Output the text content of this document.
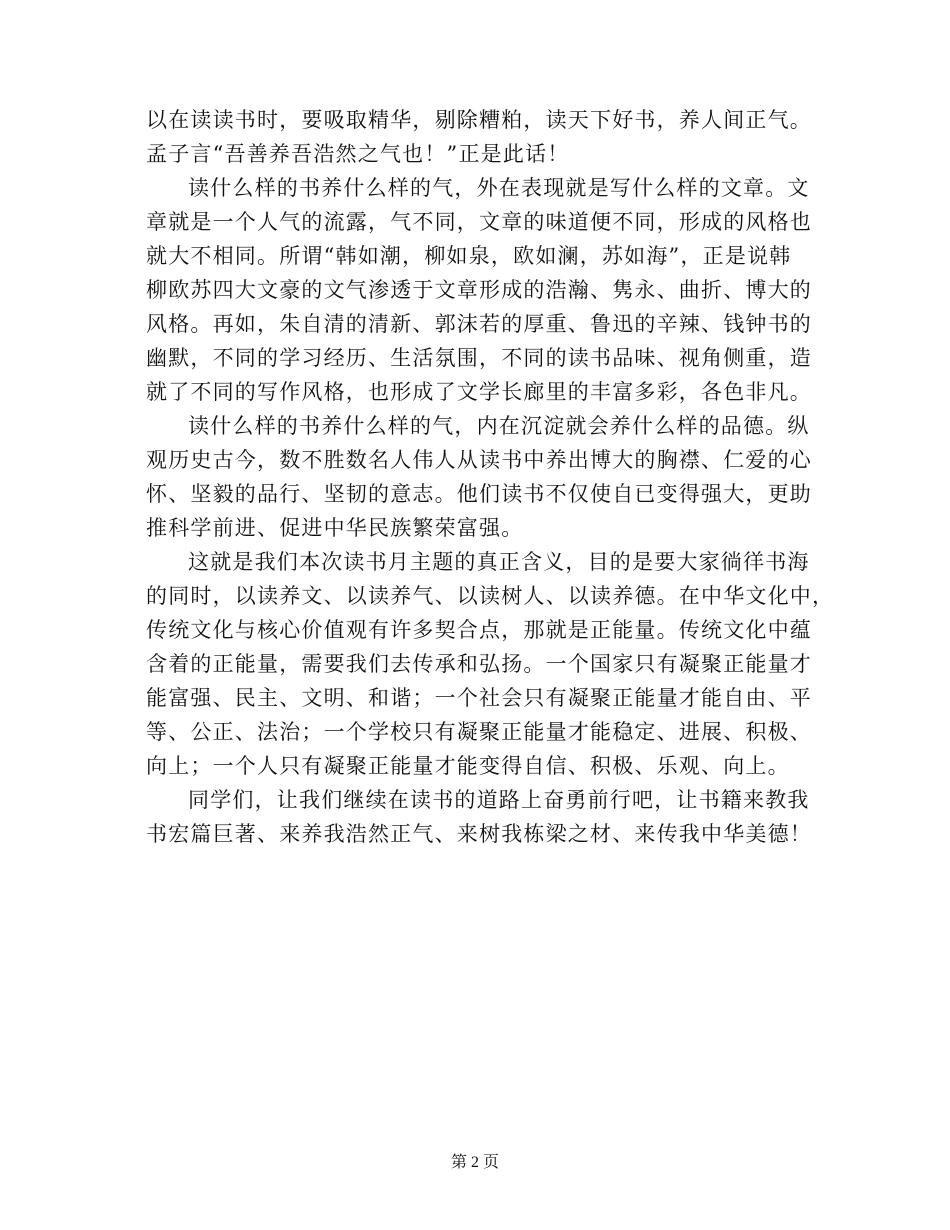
以在读读书时，要吸取精华，剔除糟粕，读天下好书，养人间正气。
孟子言“吾善养吾浩然之气也！”正是此话！
读什么样的书养什么样的气，外在表现就是写什么样的文章。文
章就是一个人气的流露，气不同，文章的味道便不同，形成的风格也
就大不相同。所谓“韩如潮，柳如泉，欧如澜，苏如海”，正是说韩
柳欧苏四大文豪的文气渗透于文章形成的浩瀚、隽永、曲折、博大的
风格。再如，朱自清的清新、郭沫若的厚重、鲁迅的辛辣、钱钟书的
幽默，不同的学习经历、生活氛围，不同的读书品味、视角侧重，造
就了不同的写作风格，也形成了文学长廊里的丰富多彩，各色非凡。
读什么样的书养什么样的气，内在沉淀就会养什么样的品德。纵
观历史古今，数不胜数名人伟人从读书中养出博大的胸襟、仁爱的心
怀、坚毅的品行、坚韧的意志。他们读书不仅使自已变得强大，更助
推科学前进、促进中华民族繁荣富强。
这就是我们本次读书月主题的真正含义，目的是要大家徜徉书海
的同时，以读养文、以读养气、以读树人、以读养德。在中华文化中，
传统文化与核心价值观有许多契合点，那就是正能量。传统文化中蕴
含着的正能量，需要我们去传承和弘扬。一个国家只有凝聚正能量才
能富强、民主、文明、和谐；一个社会只有凝聚正能量才能自由、平
等、公正、法治；一个学校只有凝聚正能量才能稳定、进展、积极、
向上；一个人只有凝聚正能量才能变得自信、积极、乐观、向上。
同学们，让我们继续在读书的道路上奋勇前行吧，让书籍来教我
书宏篇巨著、来养我浩然正气、来树我栋梁之材、来传我中华美德！
第 2 页
